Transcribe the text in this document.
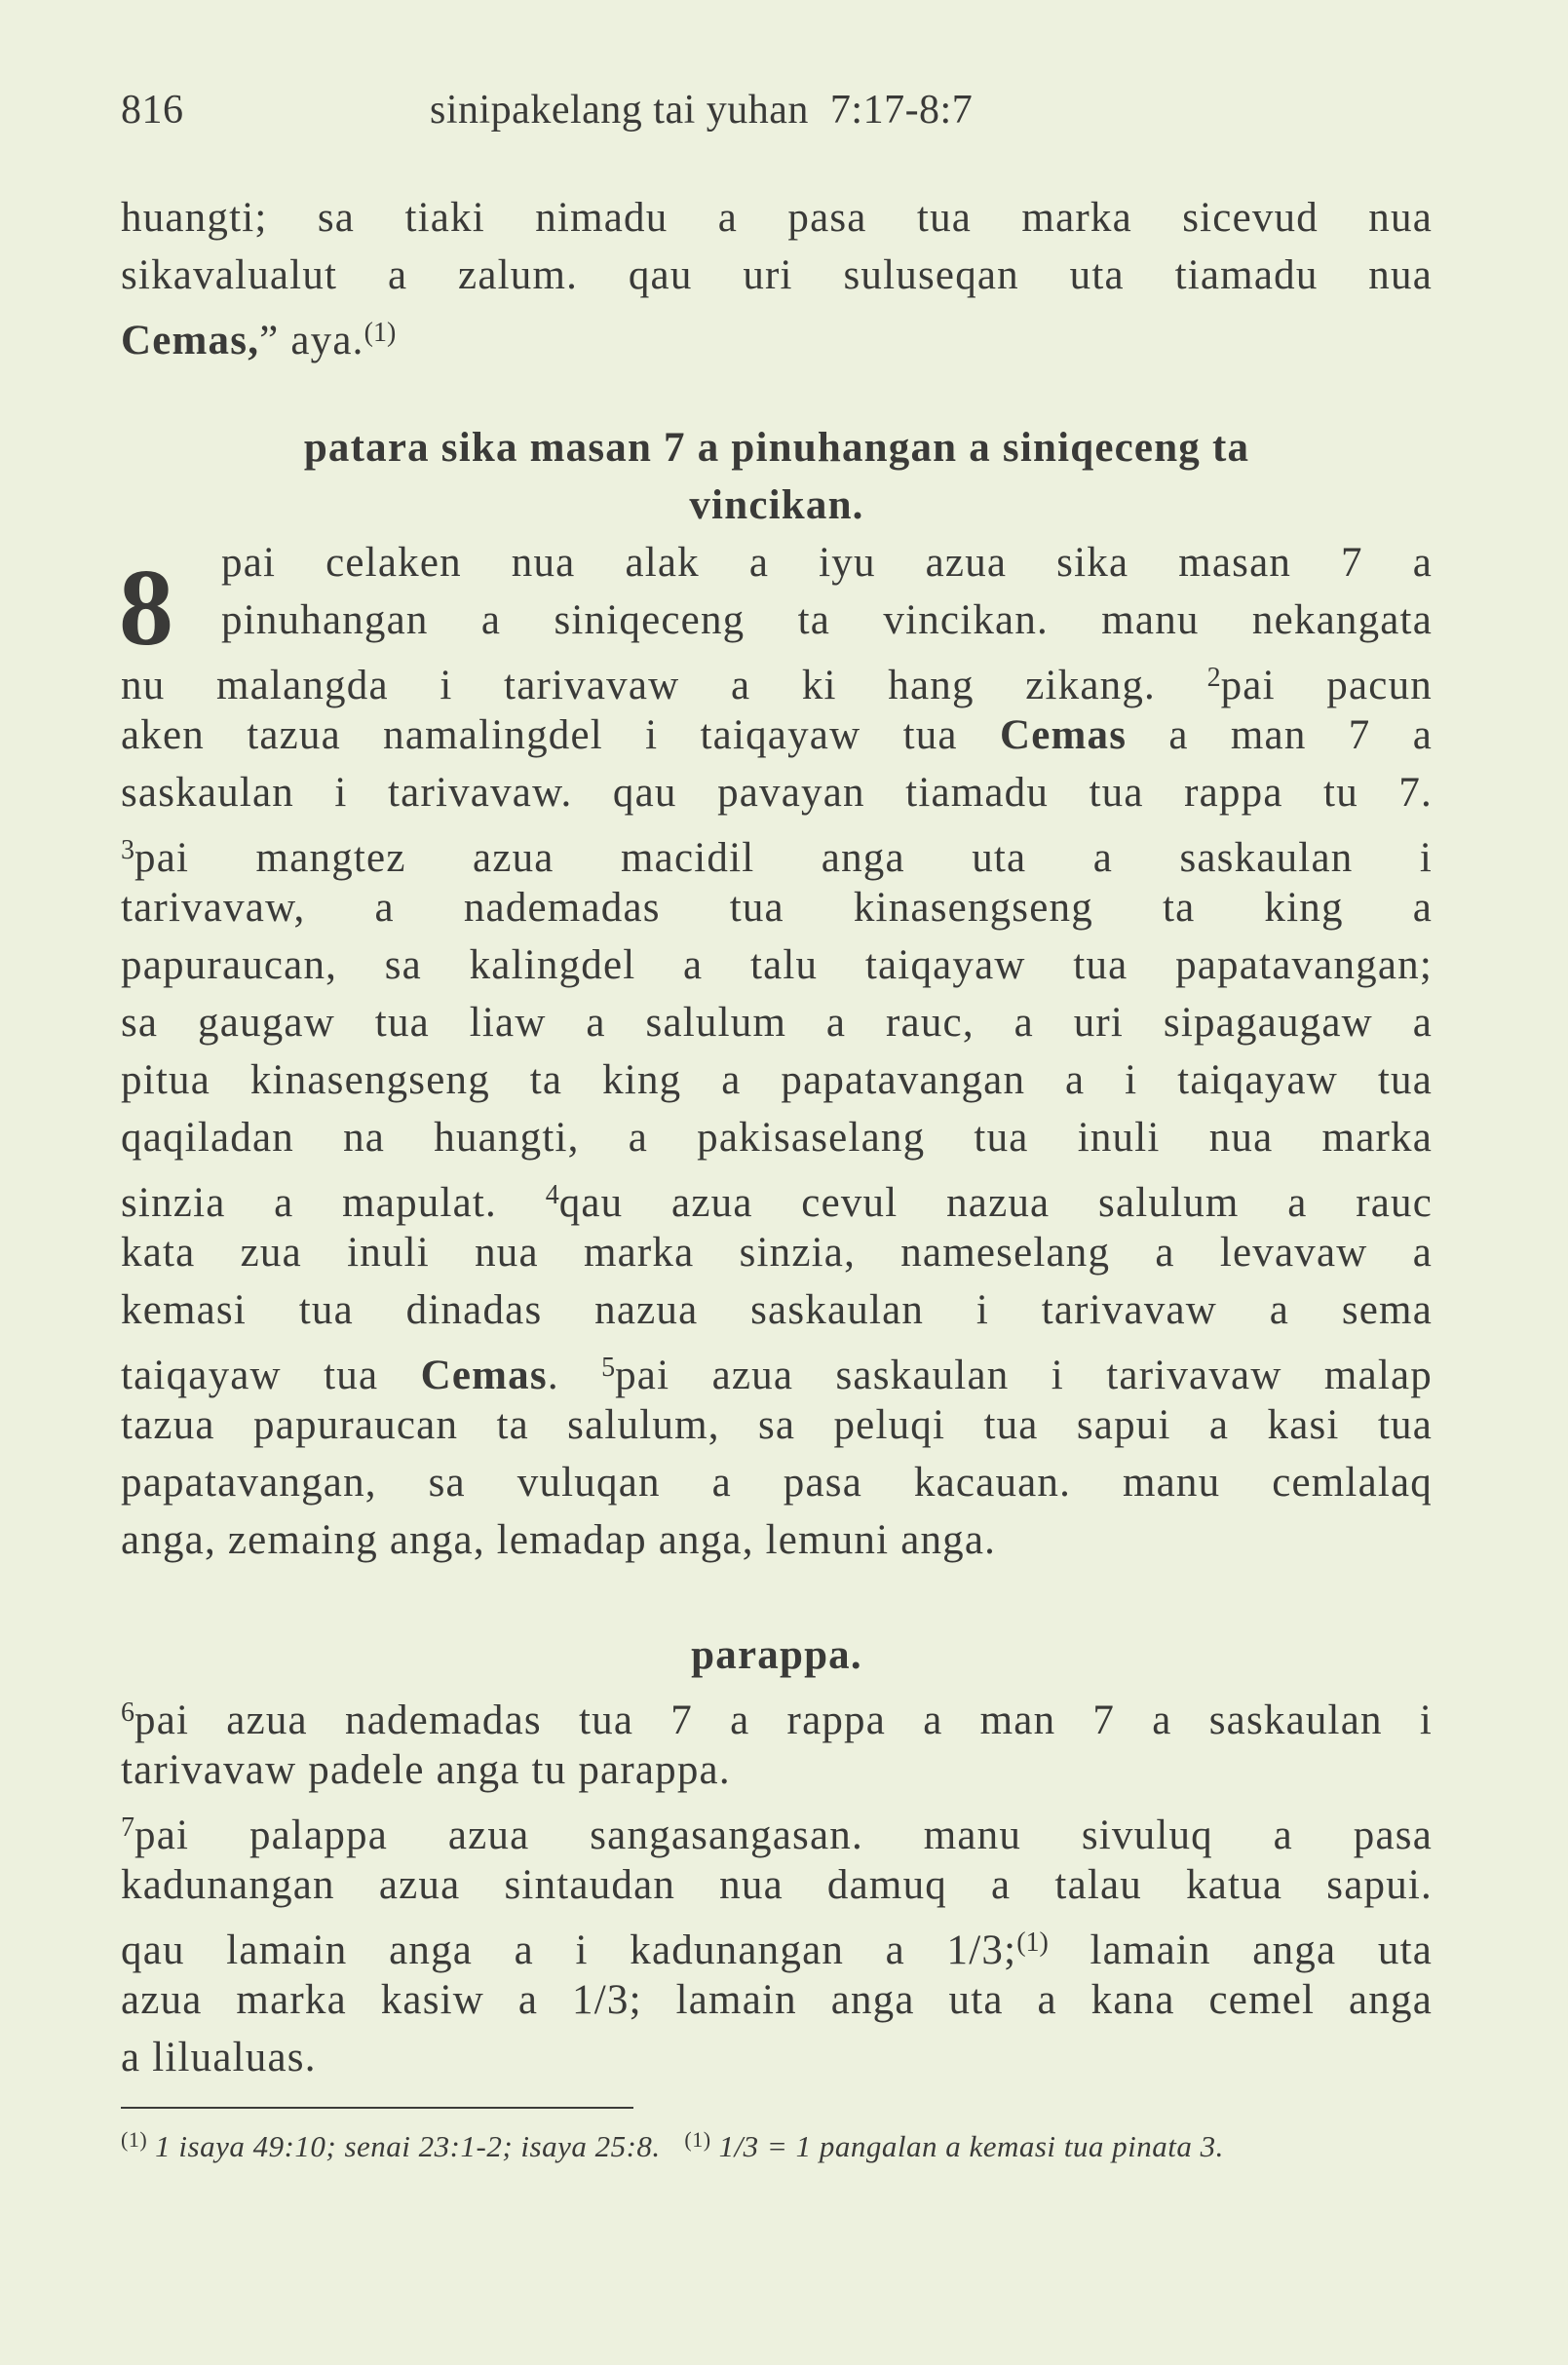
816	sinipakelang tai yuhan  7:17-8:7
8
huangti; sa tiaki nimadu a pasa tua marka sicevud nua
sikavalualut a zalum. qau uri suluseqan uta tiamadu nua
Cemas,” aya.$^{(1)}$
patara sika masan 7 a pinuhangan a siniqeceng ta
vincikan.
pai celaken nua alak a iyu azua sika masan 7 a
pinuhangan a siniqeceng ta vincikan. manu nekangata
nu malangda i tarivavaw a ki hang zikang. $^2$pai pacun
aken tazua namalingdel i taiqayaw tua Cemas a man 7 a
saskaulan i tarivavaw. qau pavayan tiamadu tua rappa tu 7.
$^3$pai mangtez azua macidil anga uta a saskaulan i
tarivavaw, a nademadas tua kinasengseng ta king a
papuraucan, sa kalingdel a talu taiqayaw tua papatavangan;
sa gaugaw tua liaw a salulum a rauc, a uri sipagaugaw a
pitua kinasengseng ta king a papatavangan a i taiqayaw tua
qaqiladan na huangti, a pakisaselang tua inuli nua marka
sinzia a mapulat. $^4$qau azua cevul nazua salulum a rauc
kata zua inuli nua marka sinzia, nameselang a levavaw a
kemasi tua dinadas nazua saskaulan i tarivavaw a sema
taiqayaw tua Cemas. $^5$pai azua saskaulan i tarivavaw malap
tazua papuraucan ta salulum, sa peluqi tua sapui a kasi tua
papatavangan, sa vuluqan a pasa kacauan. manu cemlalaq
anga, zemaing anga, lemadap anga, lemuni anga.
parappa.
$^6$pai azua nademadas tua 7 a rappa a man 7 a saskaulan i
tarivavaw padele anga tu parappa.
$^7$pai palappa azua sangasangasan. manu sivuluq a pasa
kadunangan azua sintaudan nua damuq a talau katua sapui.
qau lamain anga a i kadunangan a 1/3;$^{(1)}$ lamain anga uta
azua marka kasiw a 1/3; lamain anga uta a kana cemel anga
a lilualuas.
$^{(1)}$ 1 isaya 49:10; senai 23:1-2; isaya 25:8. $^{(1)}$ 1/3 = 1 pangalan a kemasi tua pinata 3.
